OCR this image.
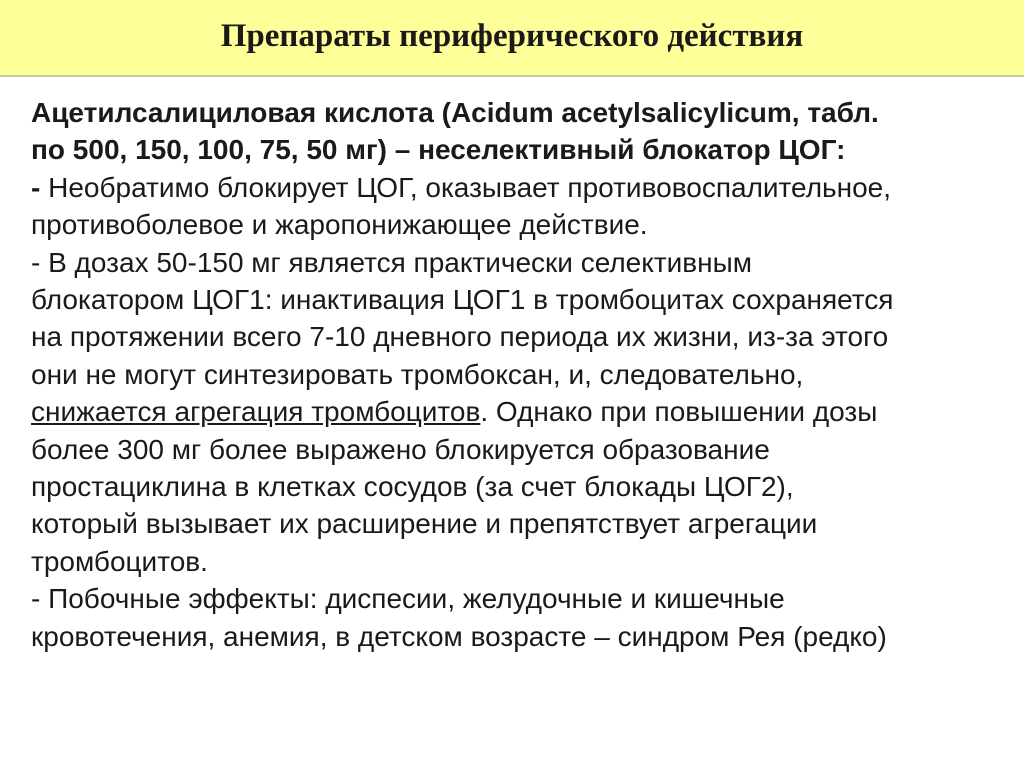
Препараты периферического действия
Ацетилсалициловая кислота (Acidum acetylsalicylicum, табл.
по 500, 150, 100, 75, 50 мг) – неселективный блокатор ЦОГ:
- Необратимо блокирует ЦОГ, оказывает противовоспалительное,
противоболевое и жаропонижающее действие.
- В дозах 50-150 мг является практически селективным
блокатором ЦОГ1: инактивация ЦОГ1 в тромбоцитах сохраняется
на протяжении всего 7-10 дневного периода их жизни, из-за этого
они не могут синтезировать тромбоксан, и, следовательно,
снижается агрегация тромбоцитов. Однако при повышении дозы
более 300 мг более выражено блокируется образование
простациклина в клетках сосудов (за счет блокады ЦОГ2),
который вызывает их расширение и препятствует агрегации
тромбоцитов.
- Побочные эффекты: диспесии, желудочные и кишечные
кровотечения, анемия, в детском возрасте – синдром Рея (редко)
